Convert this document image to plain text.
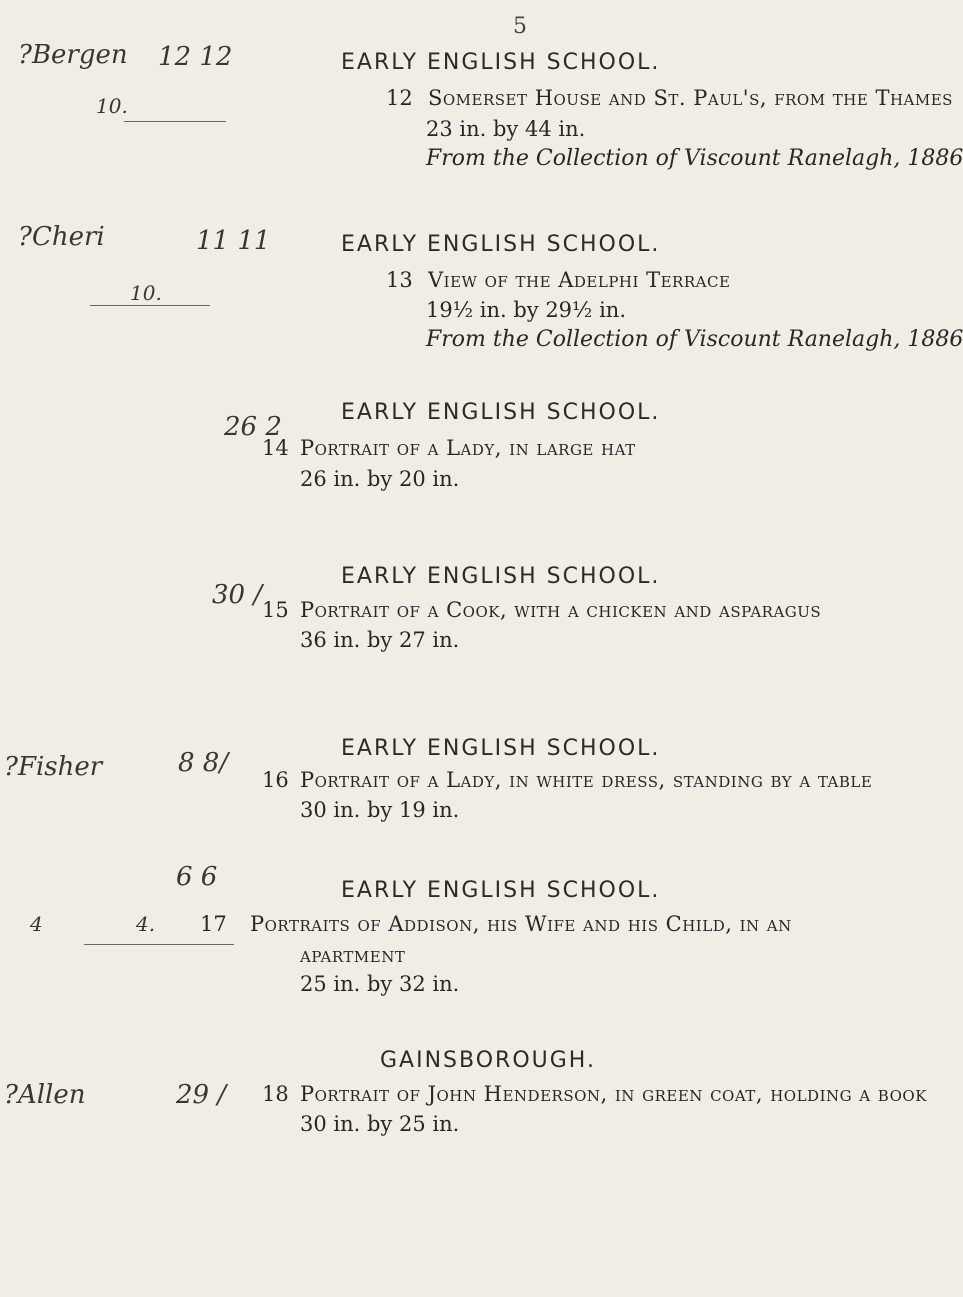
5
?Bergen 12 12
10.
EARLY ENGLISH SCHOOL.
12 Somerset House and St. Paul's, from the Thames
23 in. by 44 in.
From the Collection of Viscount Ranelagh, 1886
?Cheri	11 11
10.
EARLY ENGLISH SCHOOL.
13 View of the Adelphi Terrace
19½ in. by 29½ in.
From the Collection of Viscount Ranelagh, 1886
26 2	EARLY ENGLISH SCHOOL.
14 Portrait of a Lady, in large hat
26 in. by 20 in.
30 /
EARLY ENGLISH SCHOOL.
15 Portrait of a Cook, with a chicken and asparagus
36 in. by 27 in.
?Fisher	8 8/	EARLY ENGLISH SCHOOL.
16 Portrait of a Lady, in white dress, standing by a table
30 in. by 19 in.
6 6
4	4.
EARLY ENGLISH SCHOOL.
17 Portraits of Addison, his Wife and his Child, in an
apartment
25 in. by 32 in.
?Allen	29 /
GAINSBOROUGH.
18 Portrait of John Henderson, in green coat, holding a book
30 in. by 25 in.
